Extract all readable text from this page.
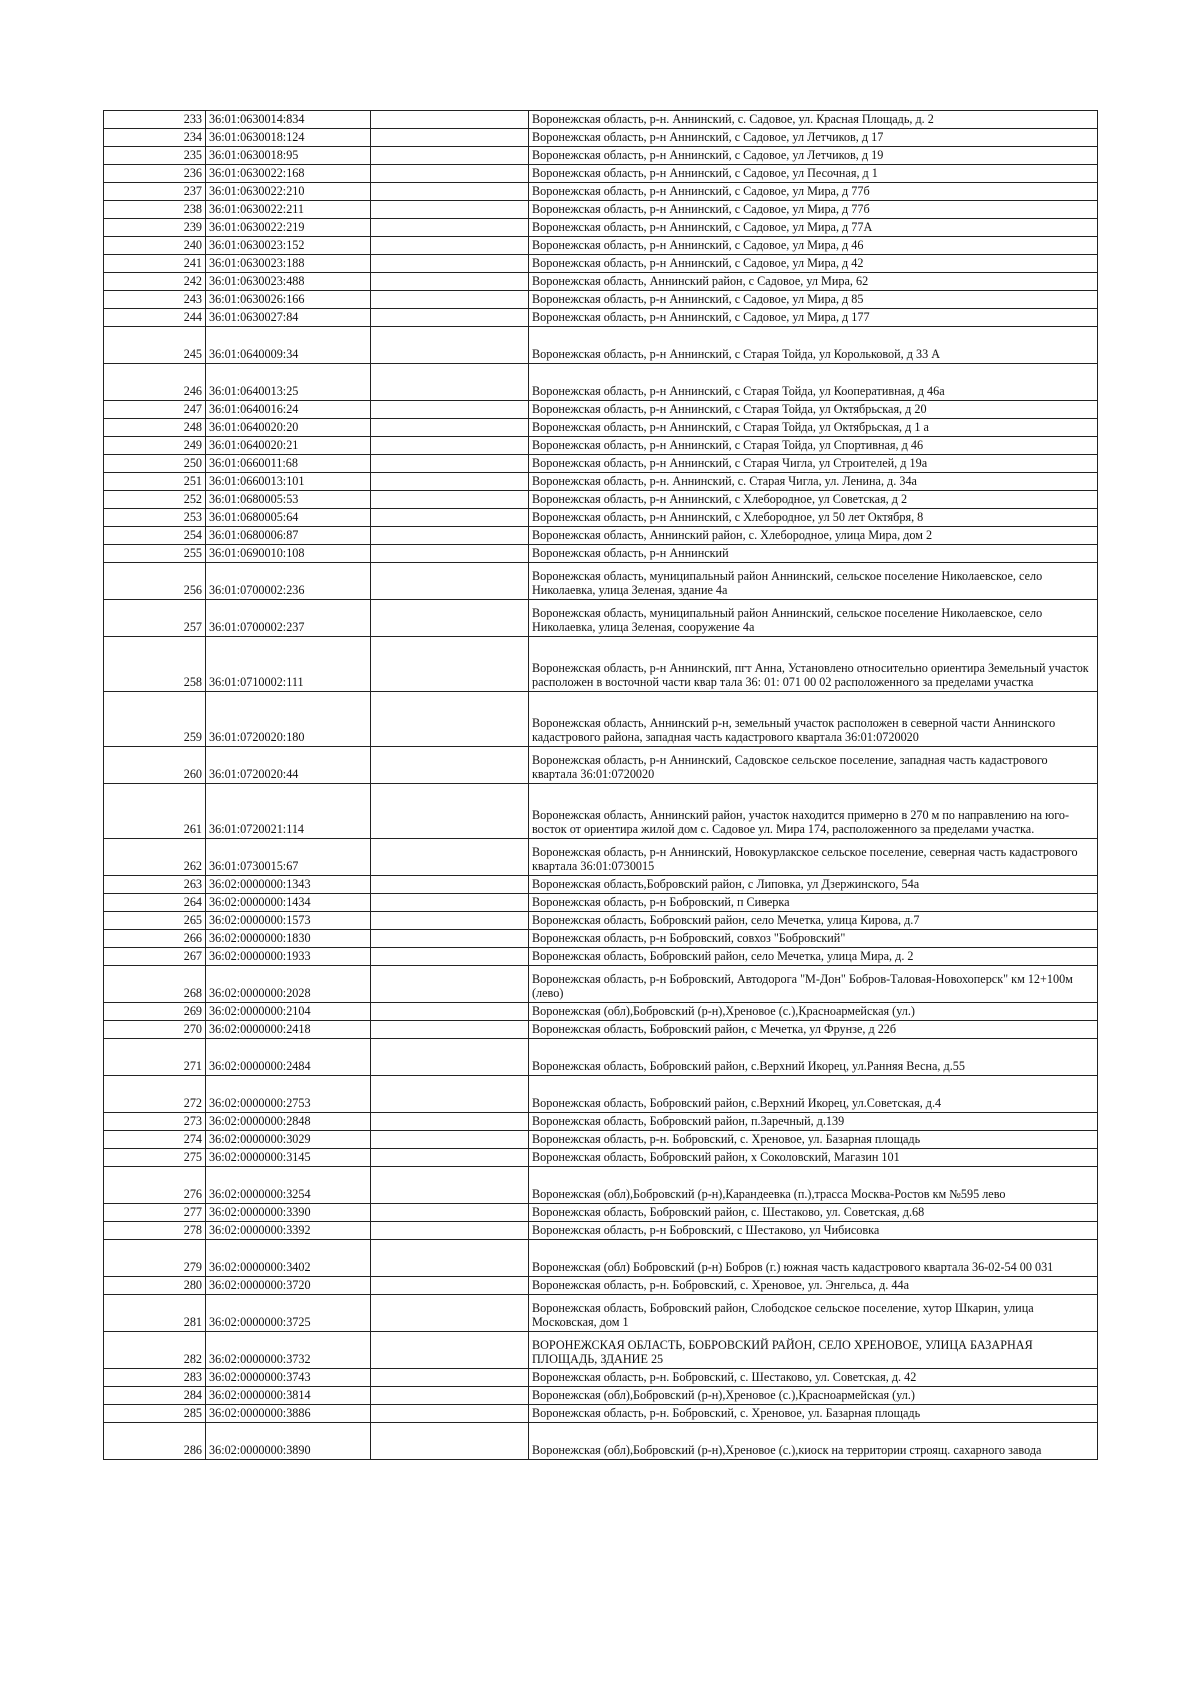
233	36:01:0630014:834		Воронежская область, р-н. Аннинский, с. Садовое, ул. Красная Площадь, д. 2
234	36:01:0630018:124		Воронежская область, р-н Аннинский, с Садовое, ул Летчиков, д 17
235	36:01:0630018:95		Воронежская область, р-н Аннинский, с Садовое, ул Летчиков, д 19
236	36:01:0630022:168		Воронежская область, р-н Аннинский, с Садовое, ул Песочная, д 1
237	36:01:0630022:210		Воронежская область, р-н Аннинский, с Садовое, ул Мира, д 77б
238	36:01:0630022:211		Воронежская область, р-н Аннинский, с Садовое, ул Мира, д 77б
239	36:01:0630022:219		Воронежская область, р-н Аннинский, с Садовое, ул Мира, д 77А
240	36:01:0630023:152		Воронежская область, р-н Аннинский, с Садовое, ул Мира, д 46
241	36:01:0630023:188		Воронежская область, р-н Аннинский, с Садовое, ул Мира, д 42
242	36:01:0630023:488		Воронежская область, Аннинский район, с Садовое, ул Мира, 62
243	36:01:0630026:166		Воронежская область, р-н Аннинский, с Садовое, ул Мира, д 85
244	36:01:0630027:84		Воронежская область, р-н Аннинский, с Садовое, ул Мира, д 177
245	36:01:0640009:34		Воронежская область, р-н Аннинский, с Старая Тойда, ул Корольковой, д 33 А
246	36:01:0640013:25		Воронежская область, р-н Аннинский, с Старая Тойда, ул Кооперативная, д 46а
247	36:01:0640016:24		Воронежская область, р-н Аннинский, с Старая Тойда, ул Октябрьская, д 20
248	36:01:0640020:20		Воронежская область, р-н Аннинский, с Старая Тойда, ул Октябрьская, д 1 а
249	36:01:0640020:21		Воронежская область, р-н Аннинский, с Старая Тойда, ул Спортивная, д 46
250	36:01:0660011:68		Воронежская область, р-н Аннинский, с Старая Чигла, ул Строителей, д 19а
251	36:01:0660013:101		Воронежская область, р-н. Аннинский, с. Старая Чигла, ул. Ленина, д. 34а
252	36:01:0680005:53		Воронежская область, р-н Аннинский, с Хлебородное, ул Советская, д 2
253	36:01:0680005:64		Воронежская область, р-н Аннинский, с Хлебородное, ул 50 лет Октября, 8
254	36:01:0680006:87		Воронежская область, Аннинский район, с. Хлебородное, улица Мира, дом 2
255	36:01:0690010:108		Воронежская область, р-н Аннинский
256	36:01:0700002:236		Воронежская область, муниципальный район Аннинский, сельское поселение Николаевское, село Николаевка, улица Зеленая, здание 4а
257	36:01:0700002:237		Воронежская область, муниципальный район Аннинский, сельское поселение Николаевское, село Николаевка, улица Зеленая, сооружение 4а
258	36:01:0710002:111		Воронежская область, р-н Аннинский, пгт Анна, Установлено относительно ориентира Земельный участок расположен в восточной части квар тала 36: 01: 071 00 02 расположенного за пределами участка
259	36:01:0720020:180		Воронежская область, Аннинский р-н, земельный участок расположен в северной части Аннинского кадастрового района, западная часть кадастрового квартала 36:01:0720020
260	36:01:0720020:44		Воронежская область, р-н Аннинский, Садовское сельское поселение, западная часть кадастрового квартала 36:01:0720020
261	36:01:0720021:114		Воронежская область, Аннинский район, участок находится примерно в 270 м по направлению на юго-восток от ориентира жилой дом с. Садовое ул. Мира 174, расположенного за пределами участка.
262	36:01:0730015:67		Воронежская область, р-н Аннинский, Новокурлакское сельское поселение, северная часть кадастрового квартала 36:01:0730015
263	36:02:0000000:1343		Воронежская область,Бобровский район, с Липовка, ул Дзержинского, 54а
264	36:02:0000000:1434		Воронежская область, р-н Бобровский, п Сиверка
265	36:02:0000000:1573		Воронежская область, Бобровский район, село Мечетка, улица Кирова, д.7
266	36:02:0000000:1830		Воронежская область, р-н Бобровский, совхоз "Бобровский"
267	36:02:0000000:1933		Воронежская область, Бобровский район, село Мечетка, улица Мира, д. 2
268	36:02:0000000:2028		Воронежская область, р-н Бобровский, Автодорога "М-Дон" Бобров-Таловая-Новохоперск" км 12+100м (лево)
269	36:02:0000000:2104		Воронежская (обл),Бобровский (р-н),Хреновое (с.),Красноармейская (ул.)
270	36:02:0000000:2418		Воронежская область, Бобровский район, с Мечетка, ул Фрунзе, д 22б
271	36:02:0000000:2484		Воронежская область, Бобровский район, с.Верхний Икорец, ул.Ранняя Весна, д.55
272	36:02:0000000:2753		Воронежская область, Бобровский район, с.Верхний Икорец, ул.Советская, д.4
273	36:02:0000000:2848		Воронежская область, Бобровский район, п.Заречный, д.139
274	36:02:0000000:3029		Воронежская область, р-н. Бобровский, с. Хреновое, ул. Базарная площадь
275	36:02:0000000:3145		Воронежская область, Бобровский район, х Соколовский, Магазин 101
276	36:02:0000000:3254		Воронежская (обл),Бобровский (р-н),Карандеевка (п.),трасса Москва-Ростов км №595 лево
277	36:02:0000000:3390		Воронежская область, Бобровский район, с. Шестаково, ул. Советская, д.68
278	36:02:0000000:3392		Воронежская область, р-н Бобровский, с Шестаково, ул Чибисовка
279	36:02:0000000:3402		Воронежская (обл) Бобровский (р-н) Бобров (г.) южная часть кадастрового квартала 36-02-54 00 031
280	36:02:0000000:3720		Воронежская область, р-н. Бобровский, с. Хреновое, ул. Энгельса, д. 44а
281	36:02:0000000:3725		Воронежская область, Бобровский район, Слободское сельское поселение, хутор Шкарин, улица Московская, дом 1
282	36:02:0000000:3732		ВОРОНЕЖСКАЯ ОБЛАСТЬ, БОБРОВСКИЙ РАЙОН, СЕЛО ХРЕНОВОЕ, УЛИЦА БАЗАРНАЯ ПЛОЩАДЬ, ЗДАНИЕ 25
283	36:02:0000000:3743		Воронежская область, р-н. Бобровский, с. Шестаково, ул. Советская, д. 42
284	36:02:0000000:3814		Воронежская (обл),Бобровский (р-н),Хреновое (с.),Красноармейская (ул.)
285	36:02:0000000:3886		Воронежская область, р-н. Бобровский, с. Хреновое, ул. Базарная площадь
286	36:02:0000000:3890		Воронежская (обл),Бобровский (р-н),Хреновое (с.),киоск на территории строящ. сахарного завода
